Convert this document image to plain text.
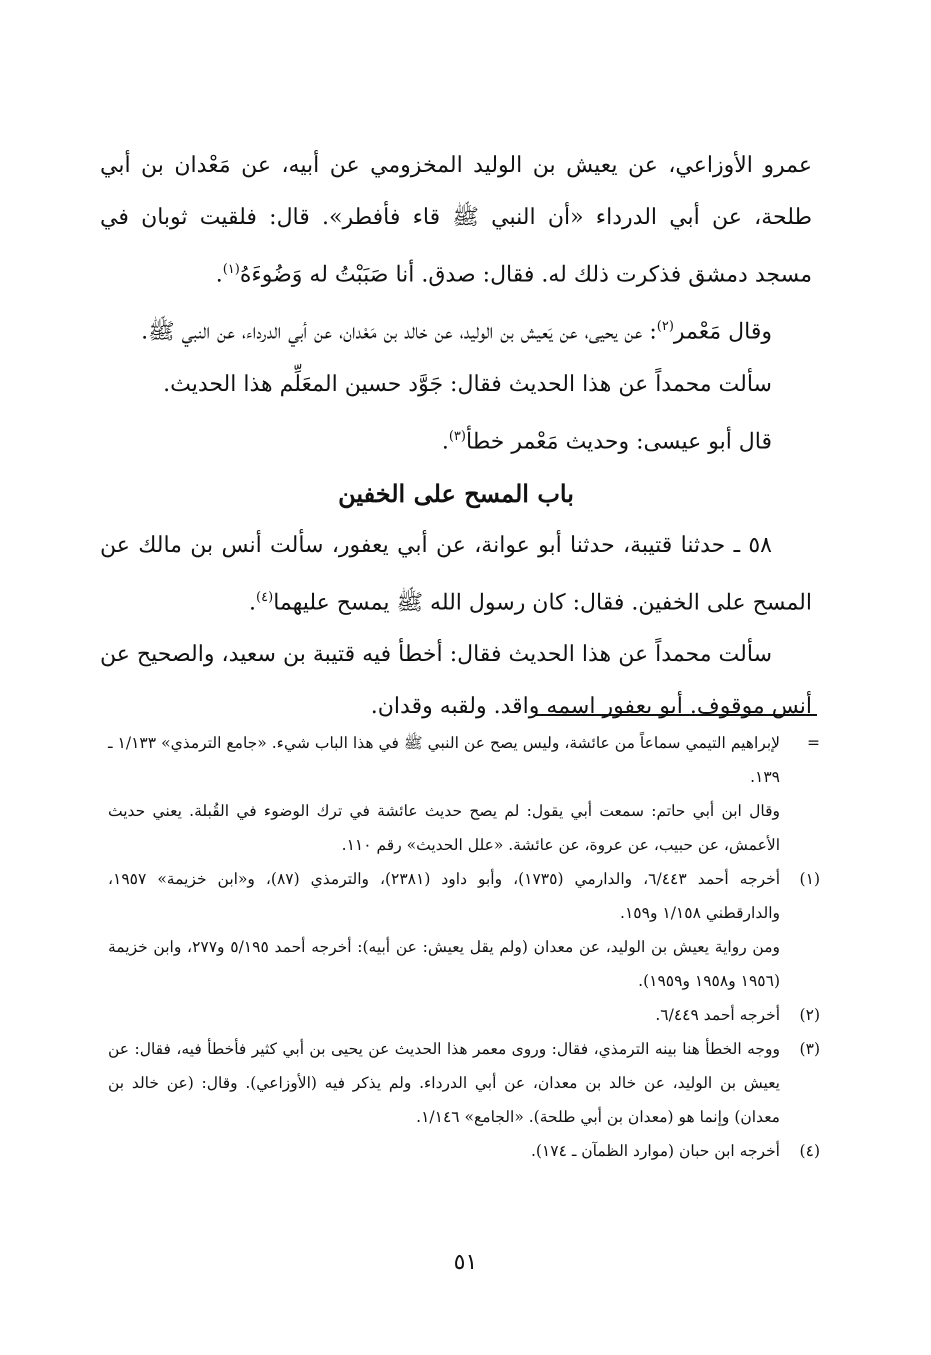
عمرو الأوزاعي، عن يعيش بن الوليد المخزومي عن أبيه، عن مَعْدان بن أبي طلحة، عن أبي الدرداء «أن النبي ﷺ قاء فأفطر». قال: فلقيت ثوبان في مسجد دمشق فذكرت ذلك له. فقال: صدق. أنا صَبَبْتُ له وَضُوءَهُ$^{(١)}$.

وقال مَعْمر$^{(٢)}$: عن يحيى، عن يَعيش بن الوليد، عن خالد بن مَعْدان، عن أبي الدرداء، عن النبي ﷺ.

سألت محمداً عن هذا الحديث فقال: جَوَّد حسين المعَلِّم هذا الحديث.

قال أبو عيسى: وحديث مَعْمر خطأ$^{(٣)}$.

باب المسح على الخفين

٥٨ ـ حدثنا قتيبة، حدثنا أبو عوانة، عن أبي يعفور، سألت أنس بن مالك عن المسح على الخفين. فقال: كان رسول الله ﷺ يمسح عليهما$^{(٤)}$.

سألت محمداً عن هذا الحديث فقال: أخطأ فيه قتيبة بن سعيد، والصحيح عن أنس موقوف. أبو يعفور اسمه واقد. ولقبه وقدان.

=
لإبراهيم التيمي سماعاً من عائشة، وليس يصح عن النبي ﷺ في هذا الباب شيء. «جامع الترمذي» ١/١٣٣ ـ ١٣٩.

وقال ابن أبي حاتم: سمعت أبي يقول: لم يصح حديث عائشة في ترك الوضوء في القُبلة. يعني حديث الأعمش، عن حبيب، عن عروة، عن عائشة. «علل الحديث» رقم ١١٠.

(١)
أخرجه أحمد ٦/٤٤٣، والدارمي (١٧٣٥)، وأبو داود (٢٣٨١)، والترمذي (٨٧)، و«ابن خزيمة» ١٩٥٧، والدارقطني ١/١٥٨ و١٥٩.

ومن رواية يعيش بن الوليد، عن معدان (ولم يقل يعيش: عن أبيه): أخرجه أحمد ٥/١٩٥ و٢٧٧، وابن خزيمة (١٩٥٦ و١٩٥٨ و١٩٥٩).

(٢)
أخرجه أحمد ٦/٤٤٩.

(٣)
ووجه الخطأ هنا بينه الترمذي، فقال: وروى معمر هذا الحديث عن يحيى بن أبي كثير فأخطأ فيه، فقال: عن يعيش بن الوليد، عن خالد بن معدان، عن أبي الدرداء. ولم يذكر فيه (الأوزاعي). وقال: (عن خالد بن معدان) وإنما هو (معدان بن أبي طلحة). «الجامع» ١/١٤٦.

(٤)
أخرجه ابن حبان (موارد الظمآن ـ ١٧٤).

٥١
